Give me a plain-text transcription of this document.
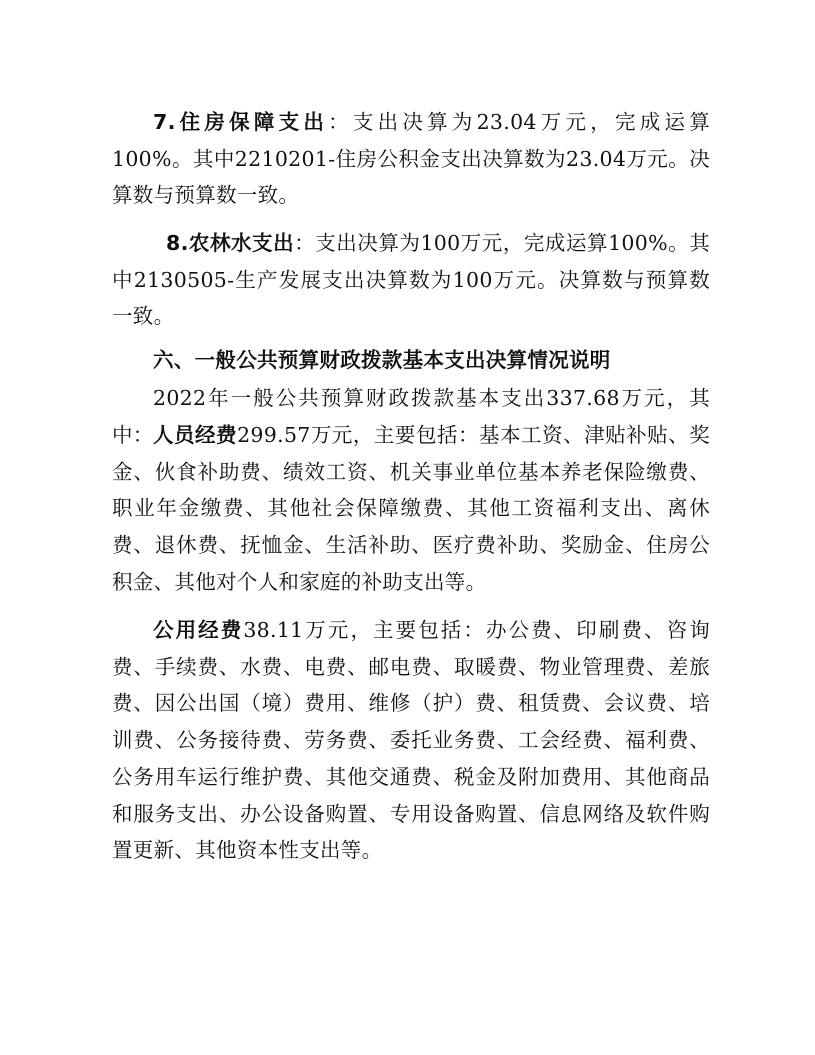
7.住房保障支出：支出决算为23.04万元，完成运算100%。其中2210201-住房公积金支出决算数为23.04万元。决算数与预算数一致。

8.农林水支出：支出决算为100万元，完成运算100%。其中2130505-生产发展支出决算数为100万元。决算数与预算数一致。

六、一般公共预算财政拨款基本支出决算情况说明

2022年一般公共预算财政拨款基本支出337.68万元，其中： 人员经费299.57万元，主要包括：基本工资、津贴补贴、奖金、伙食补助费、绩效工资、机关事业单位基本养老保险缴费、职业年金缴费、其他社会保障缴费、其他工资福利支出、离休费、退休费、抚恤金、生活补助、医疗费补助、奖励金、住房公积金、其他对个人和家庭的补助支出等。

公用经费38.11万元，主要包括：办公费、印刷费、咨询费、手续费、水费、电费、邮电费、取暖费、物业管理费、差旅费、因公出国（境）费用、维修（护）费、租赁费、会议费、培训费、公务接待费、劳务费、委托业务费、工会经费、福利费、公务用车运行维护费、其他交通费、税金及附加费用、其他商品和服务支出、办公设备购置、专用设备购置、信息网络及软件购置更新、其他资本性支出等。
